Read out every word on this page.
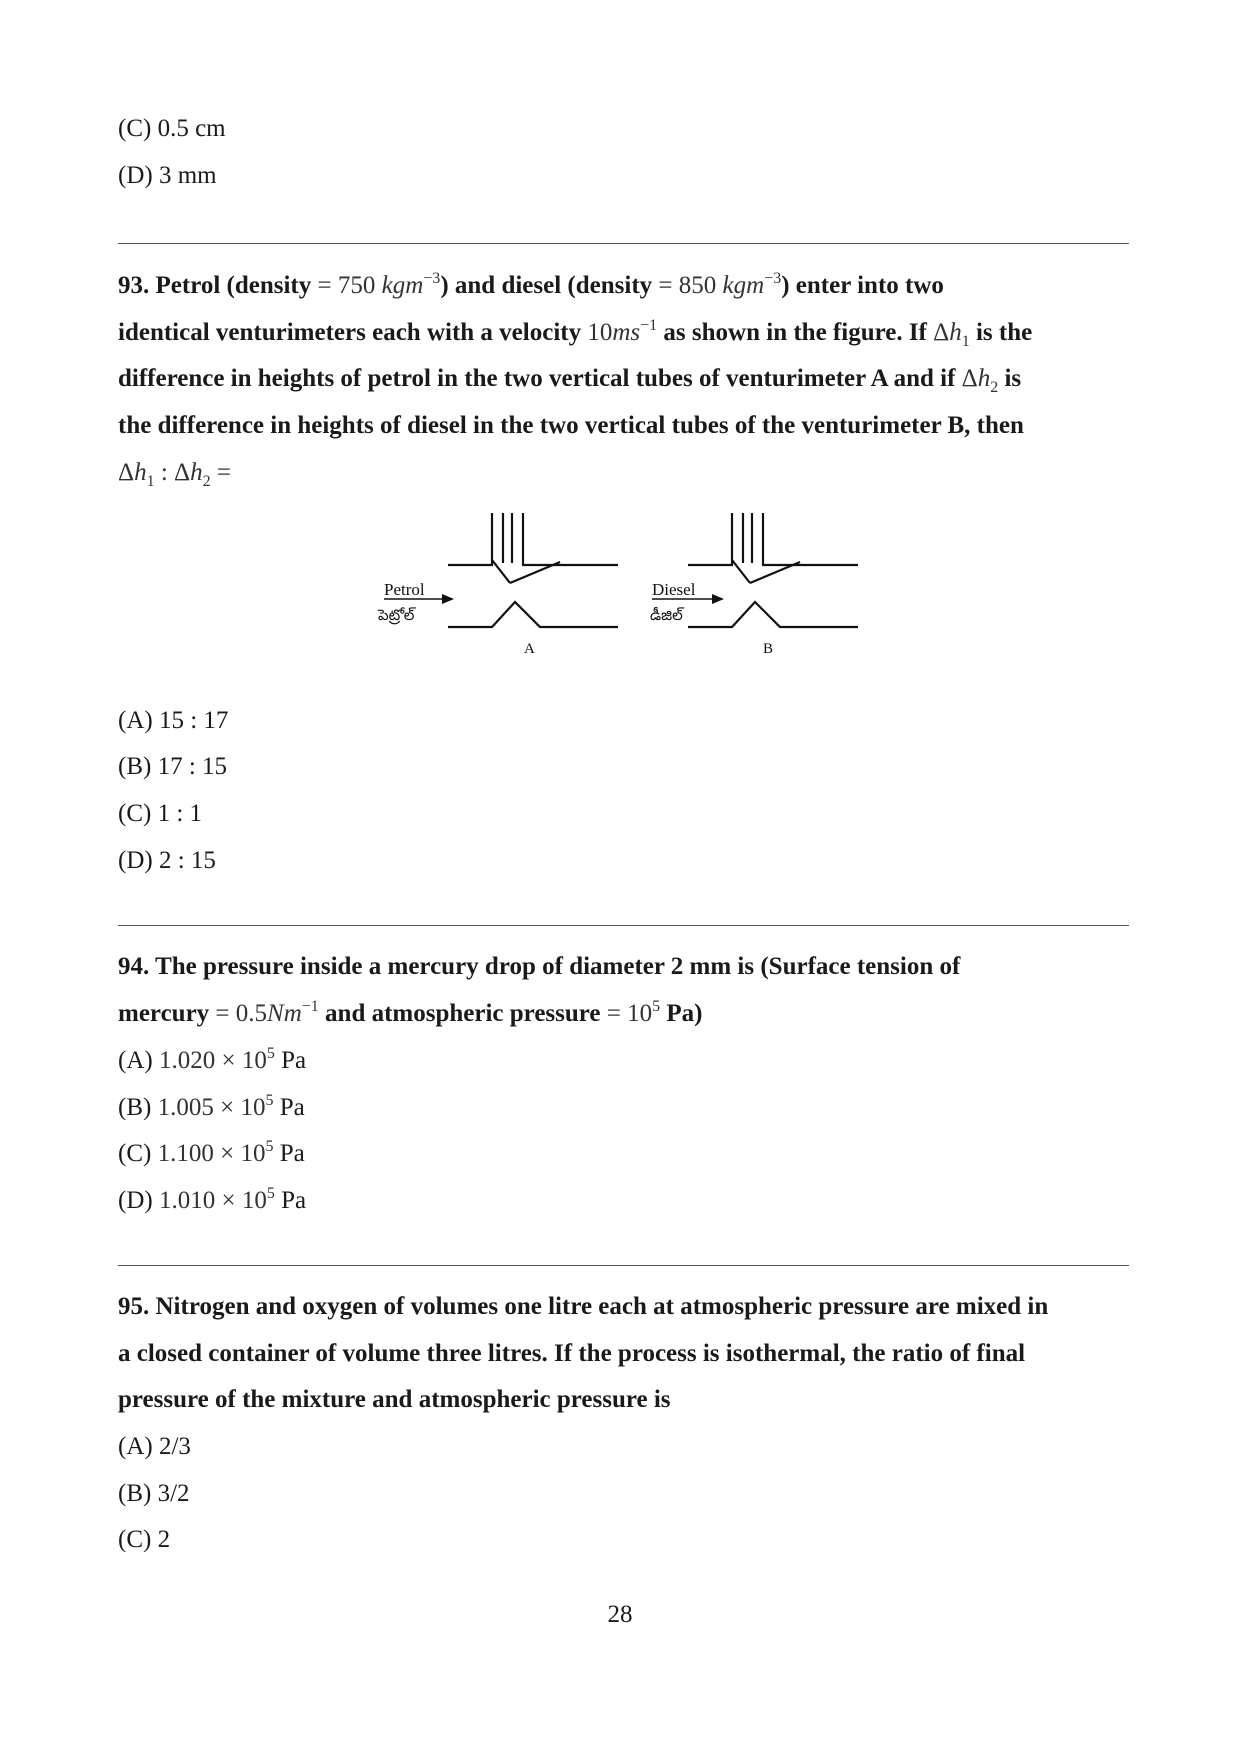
(C) 0.5 cm
(D) 3 mm
93. Petrol (density = 750 kgm$^{-3}$) and diesel (density = 850 kgm$^{-3}$) enter into two
identical venturimeters each with a velocity $10ms^{-1}$ as shown in the figure. If $\Delta h_1$ is the
difference in heights of petrol in the two vertical tubes of venturimeter A and if $\Delta h_2$ is
the difference in heights of diesel in the two vertical tubes of the venturimeter B, then
$\Delta h_1$ : $\Delta h_2$ =
Petrol
పెట్రోల్
Diesel
డీజిల్
A	B
(A) 15 : 17
(B) 17 : 15
(C) 1 : 1
(D) 2 : 15
94. The pressure inside a mercury drop of diameter 2 mm is (Surface tension of
mercury = $0.5Nm^{-1}$ and atmospheric pressure = $10^5$ Pa)
(A) $1.020 \times 10^5$ Pa
(B) $1.005 \times 10^5$ Pa
(C) $1.100 \times 10^5$ Pa
(D) $1.010 \times 10^5$ Pa
95. Nitrogen and oxygen of volumes one litre each at atmospheric pressure are mixed in
a closed container of volume three litres. If the process is isothermal, the ratio of final
pressure of the mixture and atmospheric pressure is
(A) 2/3
(B) 3/2
(C) 2
28
